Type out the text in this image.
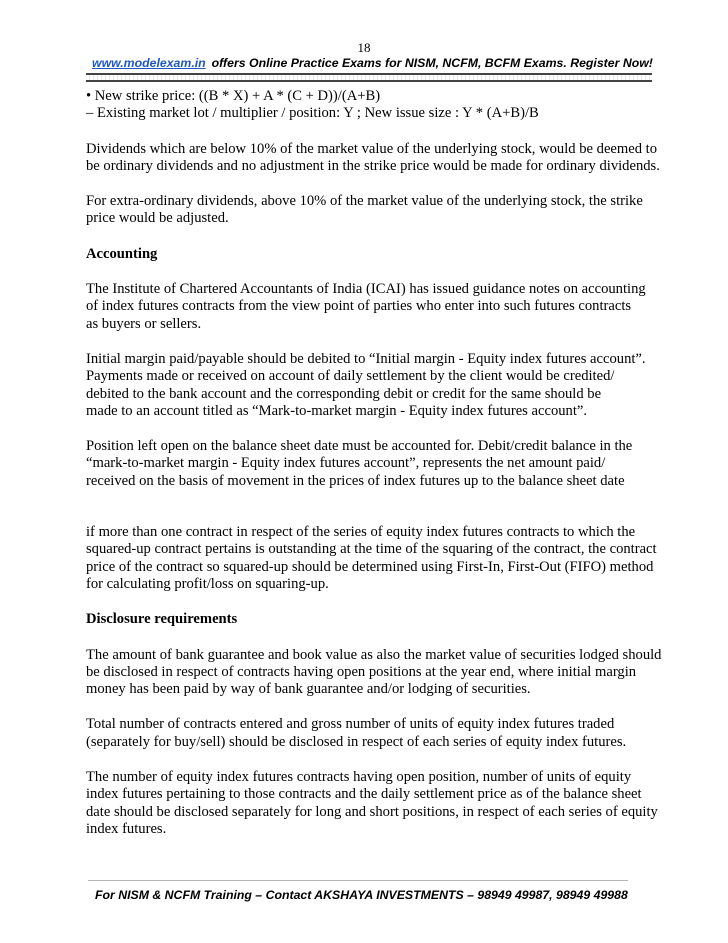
18
www.modelexam.in offers Online Practice Exams for NISM, NCFM, BCFM Exams. Register Now!
• New strike price: ((B * X) + A * (C + D))/(A+B)
– Existing market lot / multiplier / position: Y ; New issue size : Y * (A+B)/B
Dividends which are below 10% of the market value of the underlying stock, would be deemed to
be ordinary dividends and no adjustment in the strike price would be made for ordinary dividends.
For extra-ordinary dividends, above 10% of the market value of the underlying stock, the strike
price would be adjusted.
Accounting
The Institute of Chartered Accountants of India (ICAI) has issued guidance notes on accounting
of index futures contracts from the view point of parties who enter into such futures contracts
as buyers or sellers.
Initial margin paid/payable should be debited to “Initial margin - Equity index futures account”.
Payments made or received on account of daily settlement by the client would be credited/
debited to the bank account and the corresponding debit or credit for the same should be
made to an account titled as “Mark-to-market margin - Equity index futures account”.
Position left open on the balance sheet date must be accounted for. Debit/credit balance in the
“mark-to-market margin - Equity index futures account”, represents the net amount paid/
received on the basis of movement in the prices of index futures up to the balance sheet date
if more than one contract in respect of the series of equity index futures contracts to which the
squared-up contract pertains is outstanding at the time of the squaring of the contract, the contract
price of the contract so squared-up should be determined using First-In, First-Out (FIFO) method
for calculating profit/loss on squaring-up.
Disclosure requirements
The amount of bank guarantee and book value as also the market value of securities lodged should
be disclosed in respect of contracts having open positions at the year end, where initial margin
money has been paid by way of bank guarantee and/or lodging of securities.
Total number of contracts entered and gross number of units of equity index futures traded
(separately for buy/sell) should be disclosed in respect of each series of equity index futures.
The number of equity index futures contracts having open position, number of units of equity
index futures pertaining to those contracts and the daily settlement price as of the balance sheet
date should be disclosed separately for long and short positions, in respect of each series of equity
index futures.
For NISM & NCFM Training – Contact AKSHAYA INVESTMENTS – 98949 49987, 98949 49988
